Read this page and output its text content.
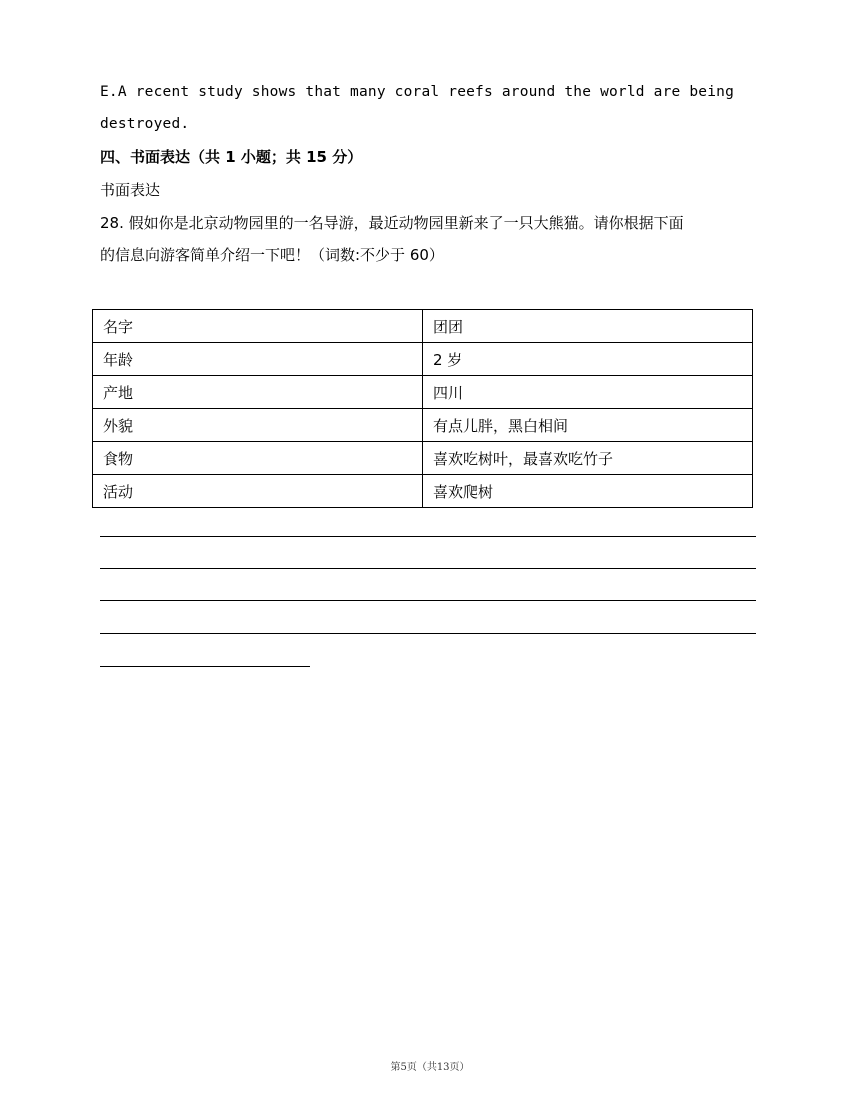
E.A recent study shows that many coral reefs around the world are being
destroyed.
四、书面表达（共 1 小题；共 15 分）
书面表达
28. 假如你是北京动物园里的一名导游，最近动物园里新来了一只大熊猫。请你根据下面
的信息向游客简单介绍一下吧！（词数:不少于 60）
名字	团团
年龄	2 岁
产地	四川
外貌	有点儿胖，黑白相间
食物	喜欢吃树叶，最喜欢吃竹子
活动	喜欢爬树
第5页（共13页）
